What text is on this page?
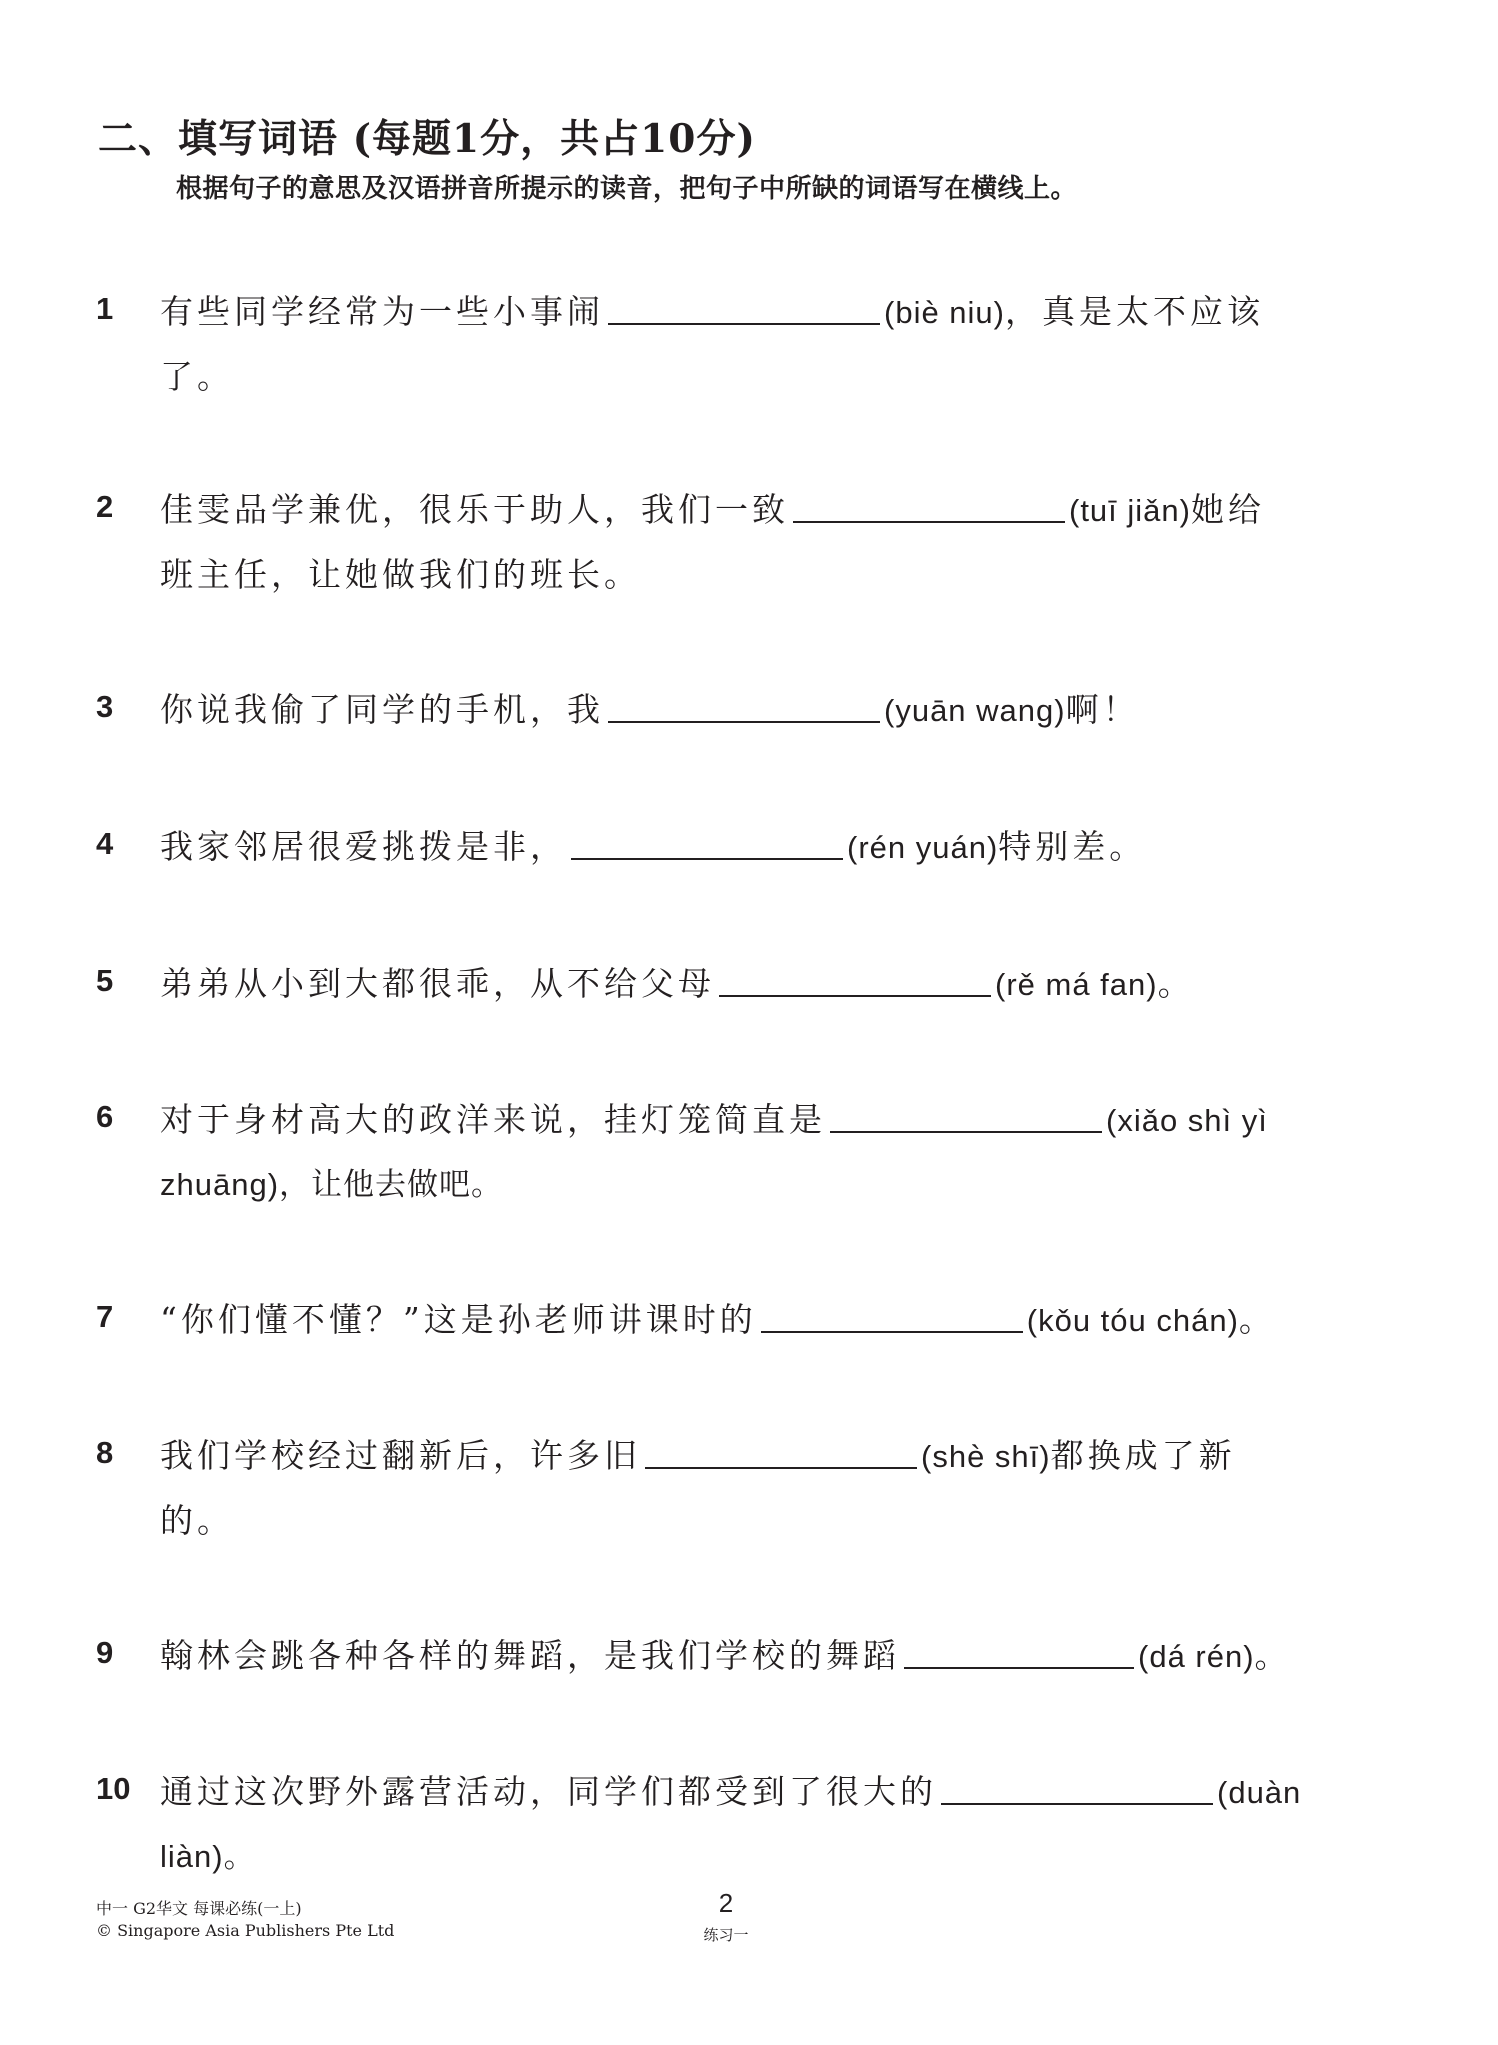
二、填写词语 (每题1分，共占10分)
根据句子的意思及汉语拼音所提示的读音，把句子中所缺的词语写在横线上。
1 有些同学经常为一些小事闹	(biè niu)，真是太不应该
了。
2 佳雯品学兼优，很乐于助人，我们一致	(tuī jiǎn)她给
班主任，让她做我们的班长。
3 你说我偷了同学的手机，我	(yuān wang)啊！
4 我家邻居很爱挑拨是非，	(rén yuán)特别差。
5 弟弟从小到大都很乖，从不给父母	(rě má fan)。
6 对于身材高大的政洋来说，挂灯笼简直是	(xiǎo shì yì
zhuāng)，让他去做吧。
7 “你们懂不懂？”这是孙老师讲课时的	(kǒu tóu chán)。
8 我们学校经过翻新后，许多旧	(shè shī)都换成了新
的。
9 翰林会跳各种各样的舞蹈，是我们学校的舞蹈	(dá rén)。
10 通过这次野外露营活动，同学们都受到了很大的	(duàn
liàn)。
中一 G2华文 每课必练(一上)
© Singapore Asia Publishers Pte Ltd
2
练习一
